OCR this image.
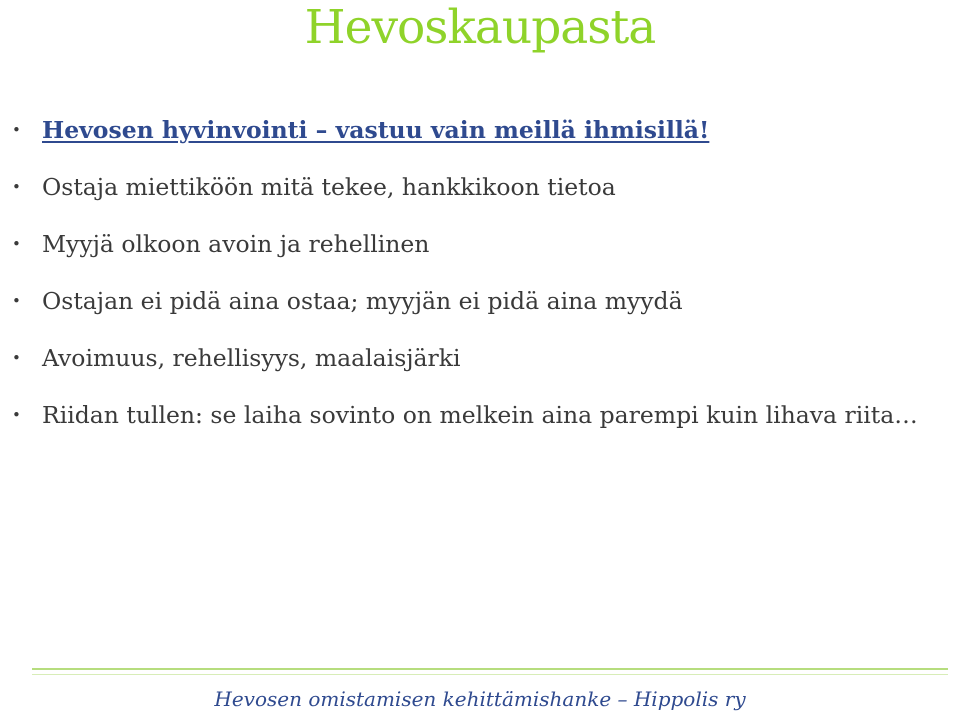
Hevoskaupasta
• Hevosen hyvinvointi – vastuu vain meillä ihmisillä!
• Ostaja miettiköön mitä tekee, hankkikoon tietoa
• Myyjä olkoon avoin ja rehellinen
• Ostajan ei pidä aina ostaa; myyjän ei pidä aina myydä
• Avoimuus, rehellisyys, maalaisjärki
• Riidan tullen: se laiha sovinto on melkein aina parempi kuin lihava riita…
Hevosen omistamisen kehittämishanke – Hippolis ry
